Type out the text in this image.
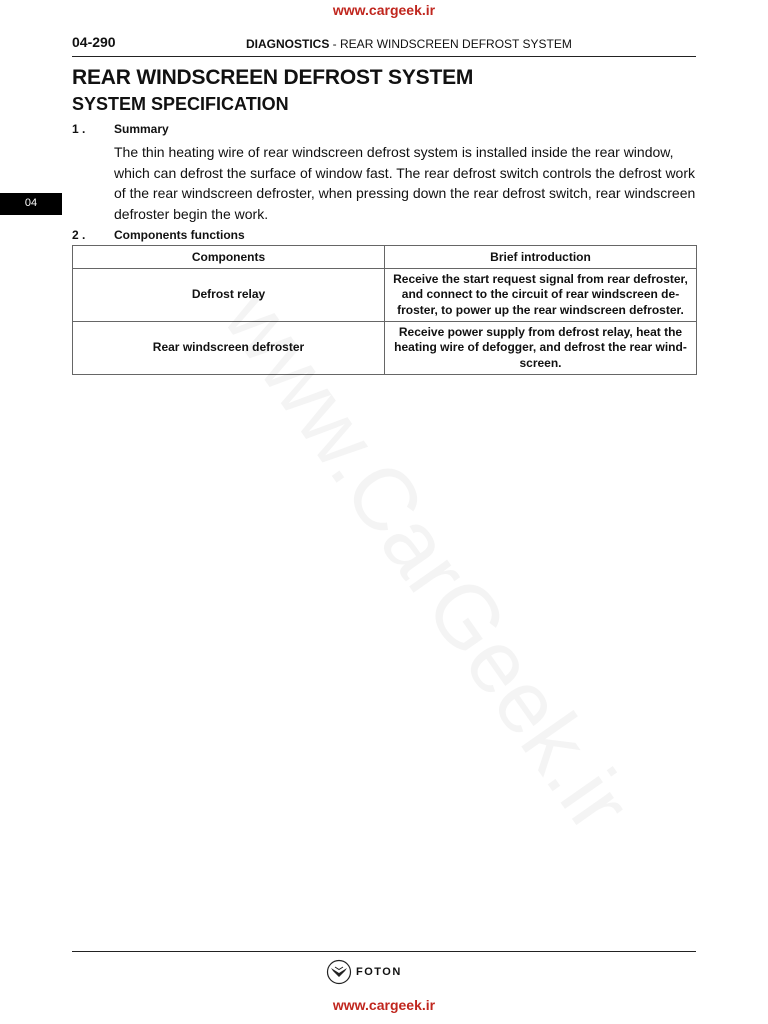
www.cargeek.ir
04-290	DIAGNOSTICS - REAR WINDSCREEN DEFROST SYSTEM
04
REAR WINDSCREEN DEFROST SYSTEM
SYSTEM SPECIFICATION
1 . Summary
The thin heating wire of rear windscreen defrost system is installed inside the rear window, which can defrost the surface of window fast. The rear defrost switch controls the defrost work of the rear windscreen defroster, when pressing down the rear defrost switch, rear windscreen defroster begin the work.
2 . Components functions
Components	Brief introduction
Defrost relay	Receive the start request signal from rear defroster, and connect to the circuit of rear windscreen de-froster, to power up the rear windscreen defroster.
Rear windscreen defroster	Receive power supply from defrost relay, heat the heating wire of defogger, and defrost the rear wind-screen.
FOTON
www.cargeek.ir
